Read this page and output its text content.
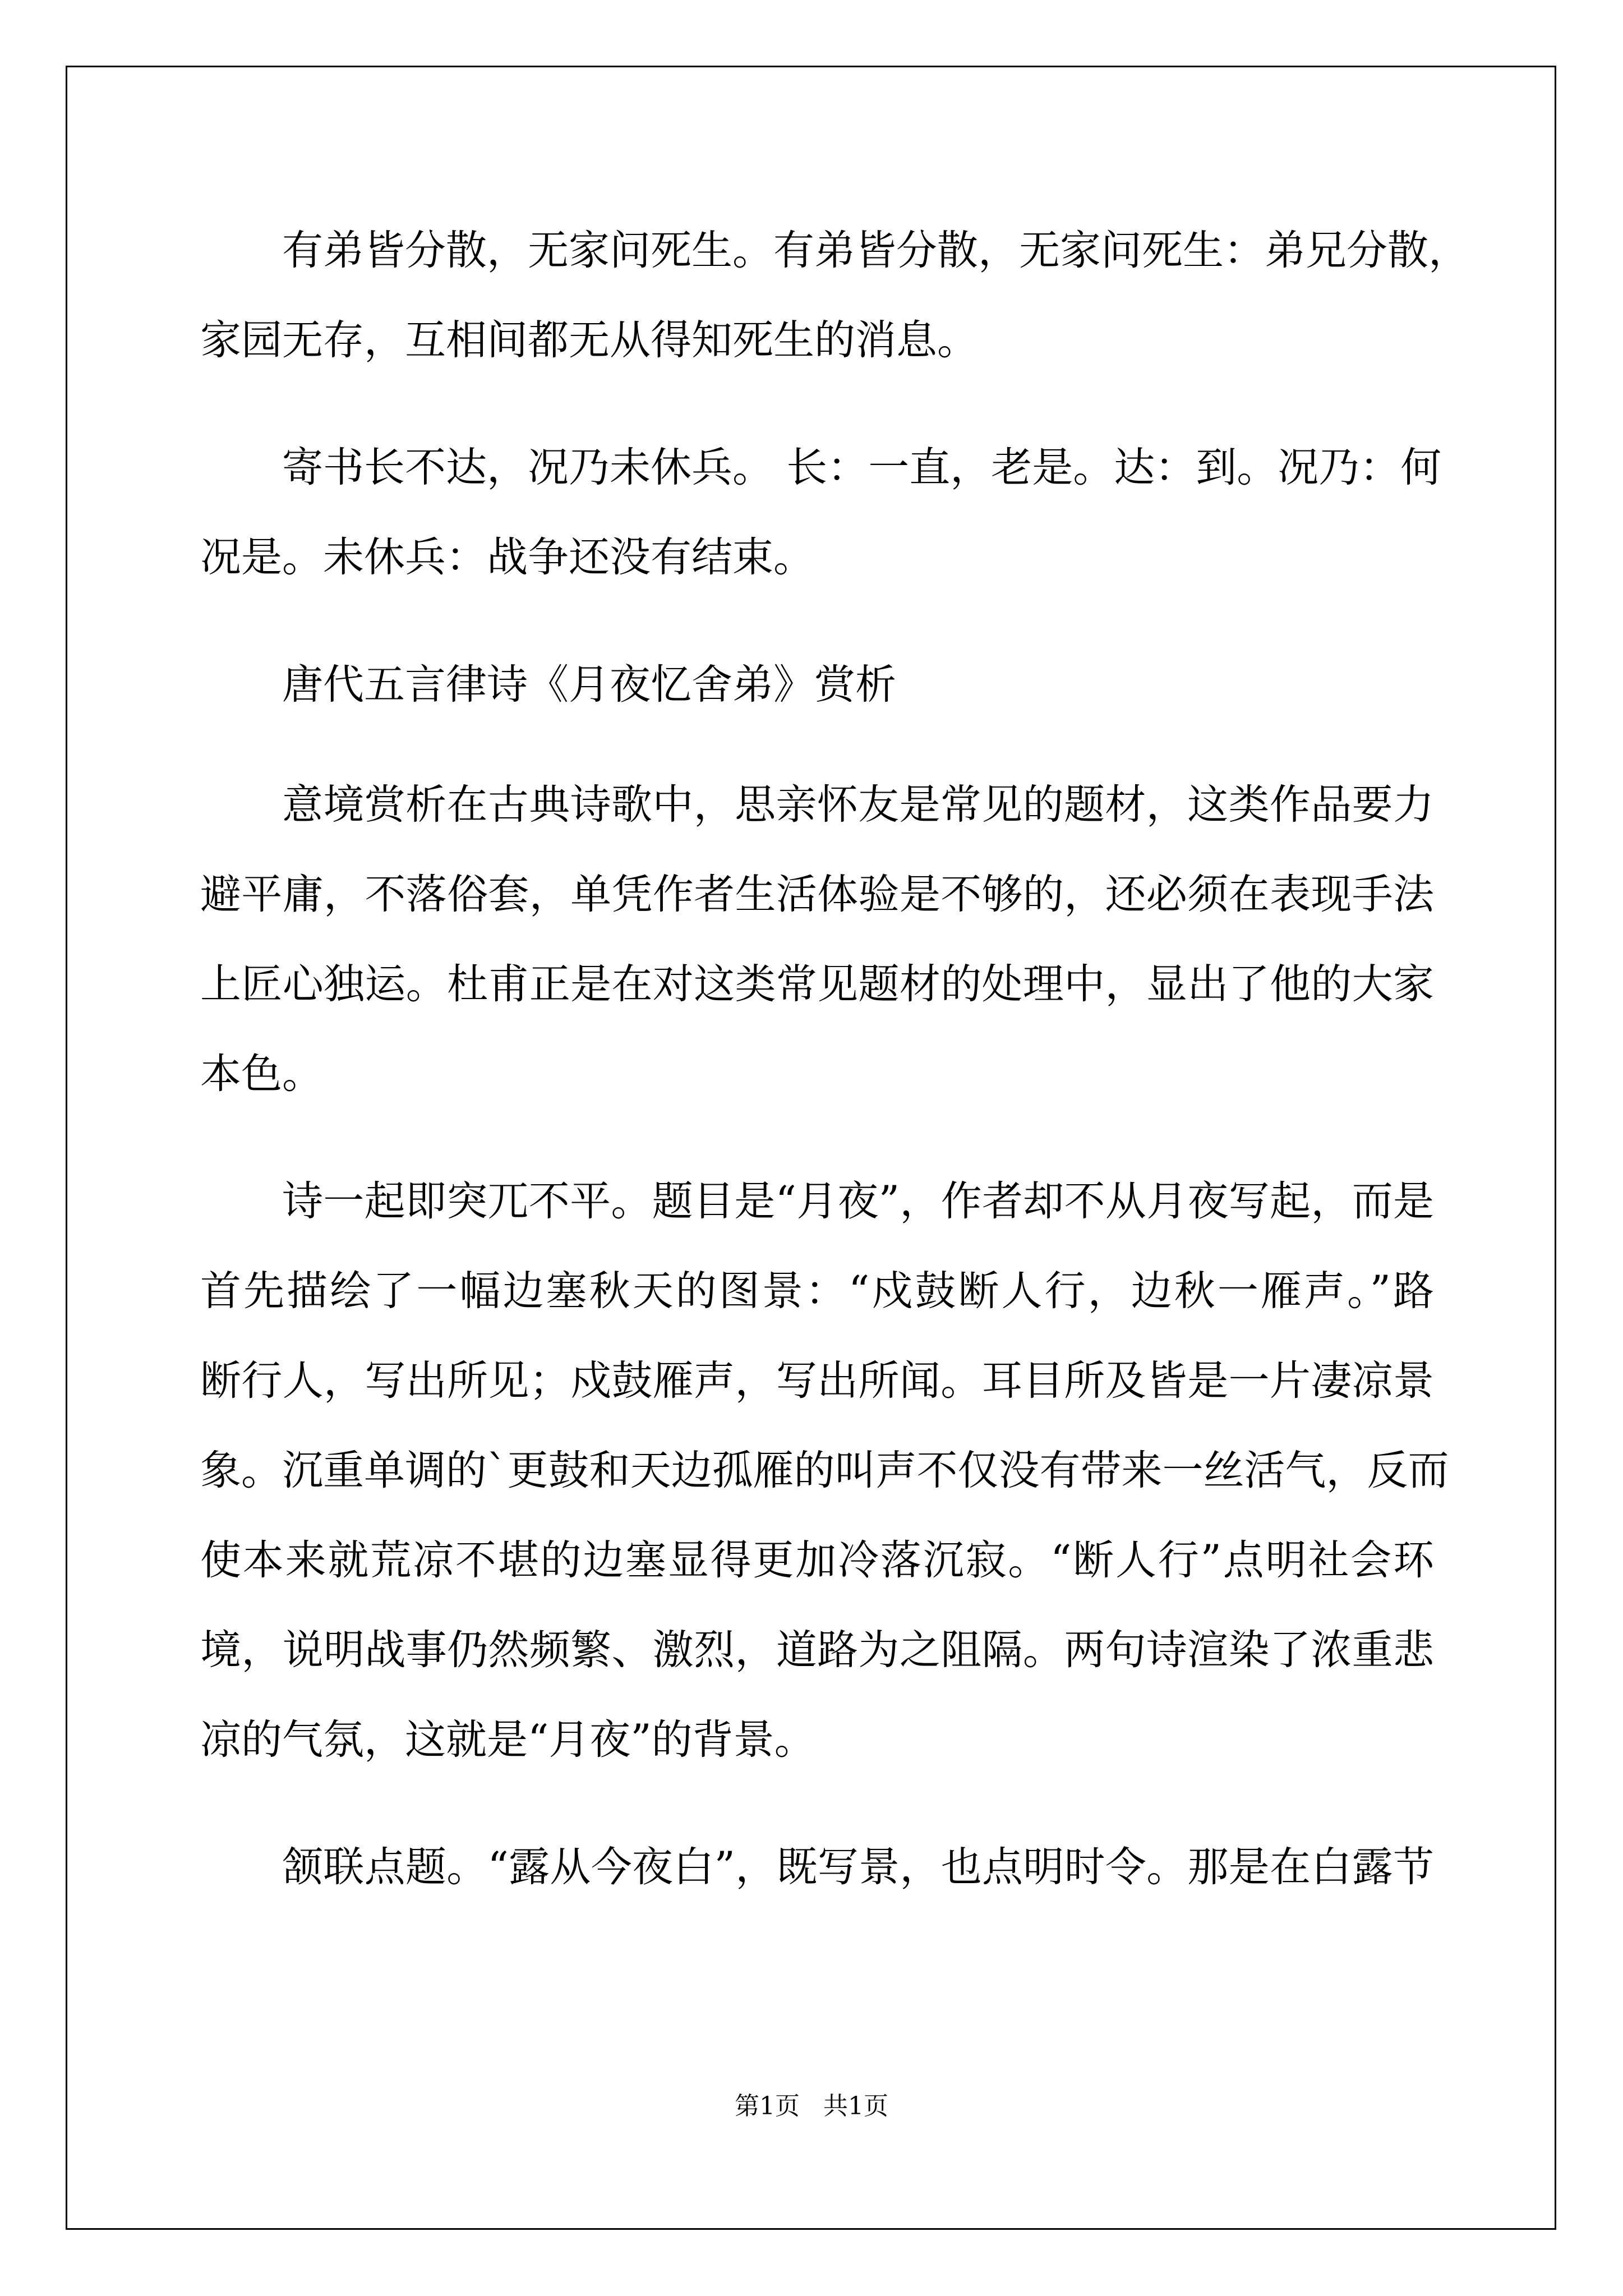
有弟皆分散，无家问死生。有弟皆分散，无家问死生：弟兄分散，
家园无存，互相间都无从得知死生的消息。
寄书长不达，况乃未休兵。 长：一直，老是。达：到。况乃：何
况是。未休兵：战争还没有结束。
唐代五言律诗《月夜忆舍弟》赏析
意境赏析在古典诗歌中，思亲怀友是常见的题材，这类作品要力
避平庸，不落俗套，单凭作者生活体验是不够的，还必须在表现手法
上匠心独运。杜甫正是在对这类常见题材的处理中，显出了他的大家
本色。
诗一起即突兀不平。题目是“月夜”，作者却不从月夜写起，而是
首先描绘了一幅边塞秋天的图景：“戍鼓断人行，边秋一雁声。”路
断行人，写出所见；戍鼓雁声，写出所闻。耳目所及皆是一片凄凉景
象。沉重单调的`更鼓和天边孤雁的叫声不仅没有带来一丝活气，反而
使本来就荒凉不堪的边塞显得更加冷落沉寂。“断人行”点明社会环
境，说明战事仍然频繁、激烈，道路为之阻隔。两句诗渲染了浓重悲
凉的气氛，这就是“月夜”的背景。
颔联点题。“露从今夜白”，既写景，也点明时令。那是在白露节
第1页 共1页
